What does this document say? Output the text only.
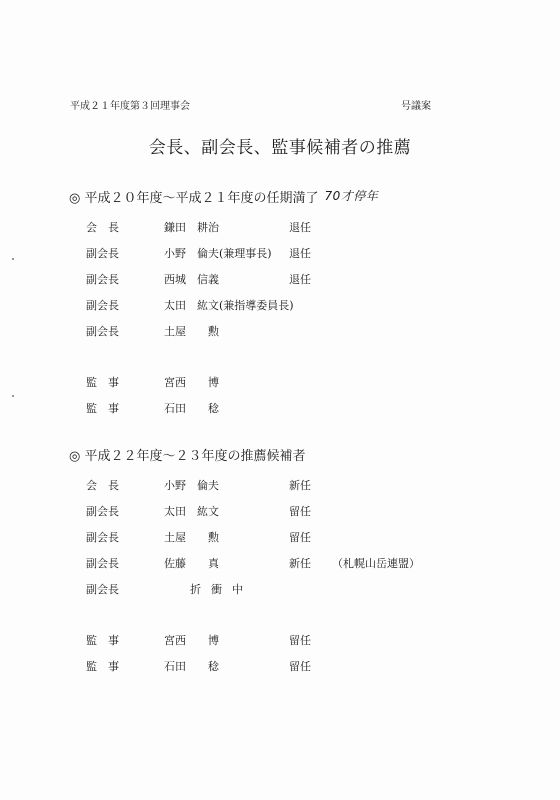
平成２１年度第３回理事会	号議案
会長、副会長、監事候補者の推薦
◎ 平成２０年度～平成２１年度の任期満了 70才停年
会　長	鎌田　耕治	退任
副会長	小野　倫夫(兼理事長) 退任
副会長	西城　信義	退任
副会長	太田　紘文(兼指導委員長)
副会長	土屋　　勲
監　事	宮西　　博
監　事	石田　　稔
◎ 平成２２年度～２３年度の推薦候補者
会　長	小野　倫夫	新任
副会長	太田　紘文	留任
副会長	土屋　　勲	留任
副会長	佐藤　　真	新任 （札幌山岳連盟）
副会長	折衝中
監　事	宮西　　博	留任
監　事	石田　　稔	留任
